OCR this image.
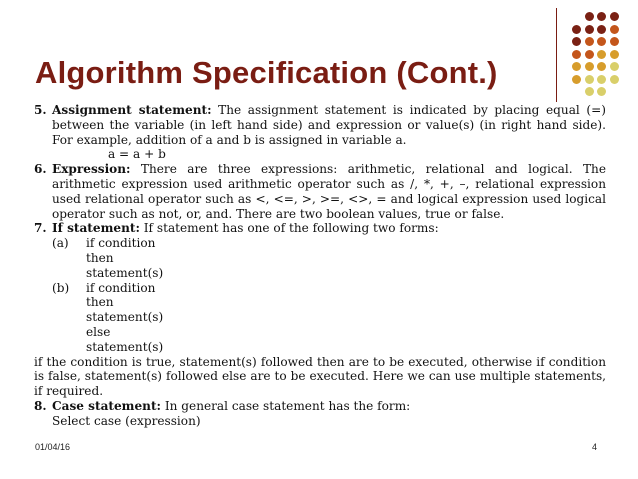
Algorithm Specification (Cont.)
5. Assignment statement: The assignment statement is indicated by placing equal (=) between the variable (in left hand side) and expression or value(s) (in right hand side). For example, addition of a and b is assigned in variable a.
a = a + b
6. Expression: There are three expressions: arithmetic, relational and logical. The arithmetic expression used arithmetic operator such as /, *, +, –, relational expression used relational operator such as <, <=, >, >=, <>, = and logical expression used logical operator such as not, or, and. There are two boolean values, true or false.
7. If statement: If statement has one of the following two forms:
(a) if condition
then
statement(s)
(b) if condition
then
statement(s)
else
statement(s)
if the condition is true, statement(s) followed then are to be executed, otherwise if condition is false, statement(s) followed else are to be executed. Here we can use multiple statements, if required.
8. Case statement: In general case statement has the form:
Select case (expression)
01/04/16	4
